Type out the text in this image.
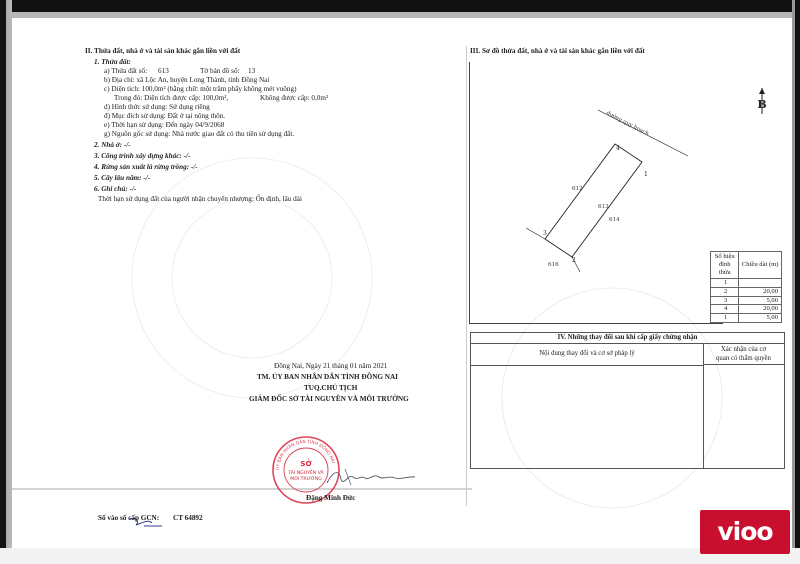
II. Thửa đất, nhà ở và tài sản khác gắn liền với đất
1. Thửa đất:
a) Thửa đất số: 613	Tờ bản đồ số: 13
b) Địa chỉ: xã Lộc An, huyện Long Thành, tỉnh Đồng Nai
c) Diện tích: 100,0m² (bằng chữ: một trăm phẩy không mét vuông)
Trong đó: Diện tích được cấp: 100,0m²,	Không được cấp: 0,0m²
d) Hình thức sử dụng: Sử dụng riêng
đ) Mục đích sử dụng: Đất ở tại nông thôn.
e) Thời hạn sử dụng: Đến ngày 04/9/2068
g) Nguồn gốc sử dụng: Nhà nước giao đất có thu tiền sử dụng đất.
2. Nhà ở: -/-
3. Công trình xây dựng khác: -/-
4. Rừng sản xuất là rừng trồng: -/-
5. Cây lâu năm: -/-
6. Ghi chú: -/-
Thời hạn sử dụng đất của người nhận chuyển nhượng: Ổn định, lâu dài
Đồng Nai, Ngày 21 tháng 01 năm 2021
TM. ỦY BAN NHÂN DÂN TỈNH ĐỒNG NAI
TUQ.CHỦ TỊCH
GIÁM ĐỐC SỞ TÀI NGUYÊN VÀ MÔI TRƯỜNG
ỦY BAN NHÂN DÂN TỈNH ĐỒNG NAI
SỞ
TÀI NGUYÊN VÀ
MÔI TRƯỜNG
Đặng Minh Đức
Số vào sổ cấp GCN: CT 64892
III. Sơ đồ thửa đất, nhà ở và tài sản khác gắn liền với đất
B
đường quy hoạch
1
2
3
4
613
612
614
616
Số hiệu đỉnh thửa	Chiều dài (m)
1	
2	20,00
3	5,00
4	20,00
1	5,00
IV. Những thay đổi sau khi cấp giấy chứng nhận
Nội dung thay đổi và cơ sở pháp lý
Xác nhận của cơ
quan có thẩm quyền
vioo
